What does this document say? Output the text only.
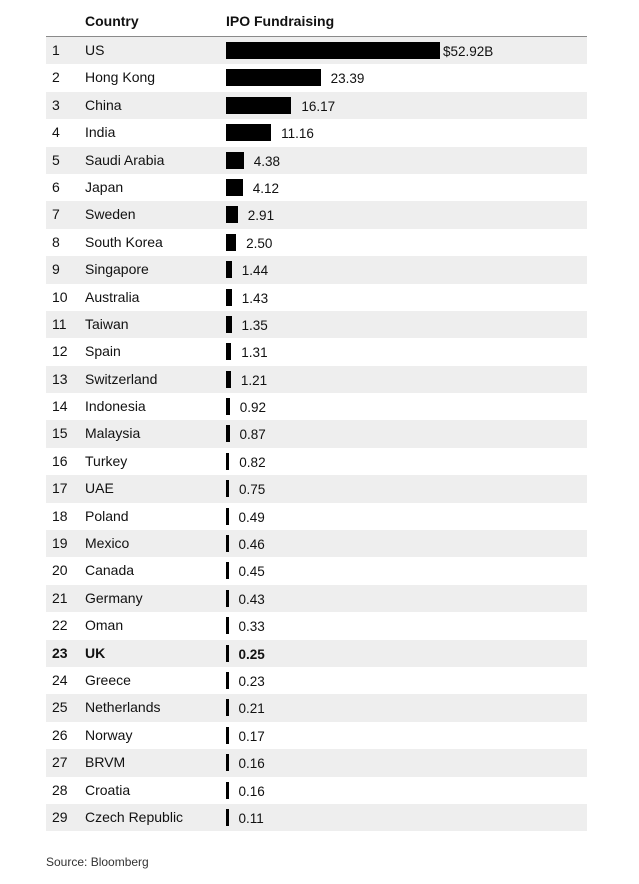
Country	IPO Fundraising
1 US	$52.92B
2 Hong Kong	23.39
3 China	16.17
4 India	11.16
5 Saudi Arabia	4.38
6 Japan	4.12
7 Sweden	2.91
8 South Korea	2.50
9 Singapore	1.44
10 Australia	1.43
11 Taiwan	1.35
12 Spain	1.31
13 Switzerland	1.21
14 Indonesia	0.92
15 Malaysia	0.87
16 Turkey	0.82
17 UAE	0.75
18 Poland	0.49
19 Mexico	0.46
20 Canada	0.45
21 Germany	0.43
22 Oman	0.33
23 UK	0.25
24 Greece	0.23
25 Netherlands	0.21
26 Norway	0.17
27 BRVM	0.16
28 Croatia	0.16
29 Czech Republic	0.11
Source: Bloomberg
